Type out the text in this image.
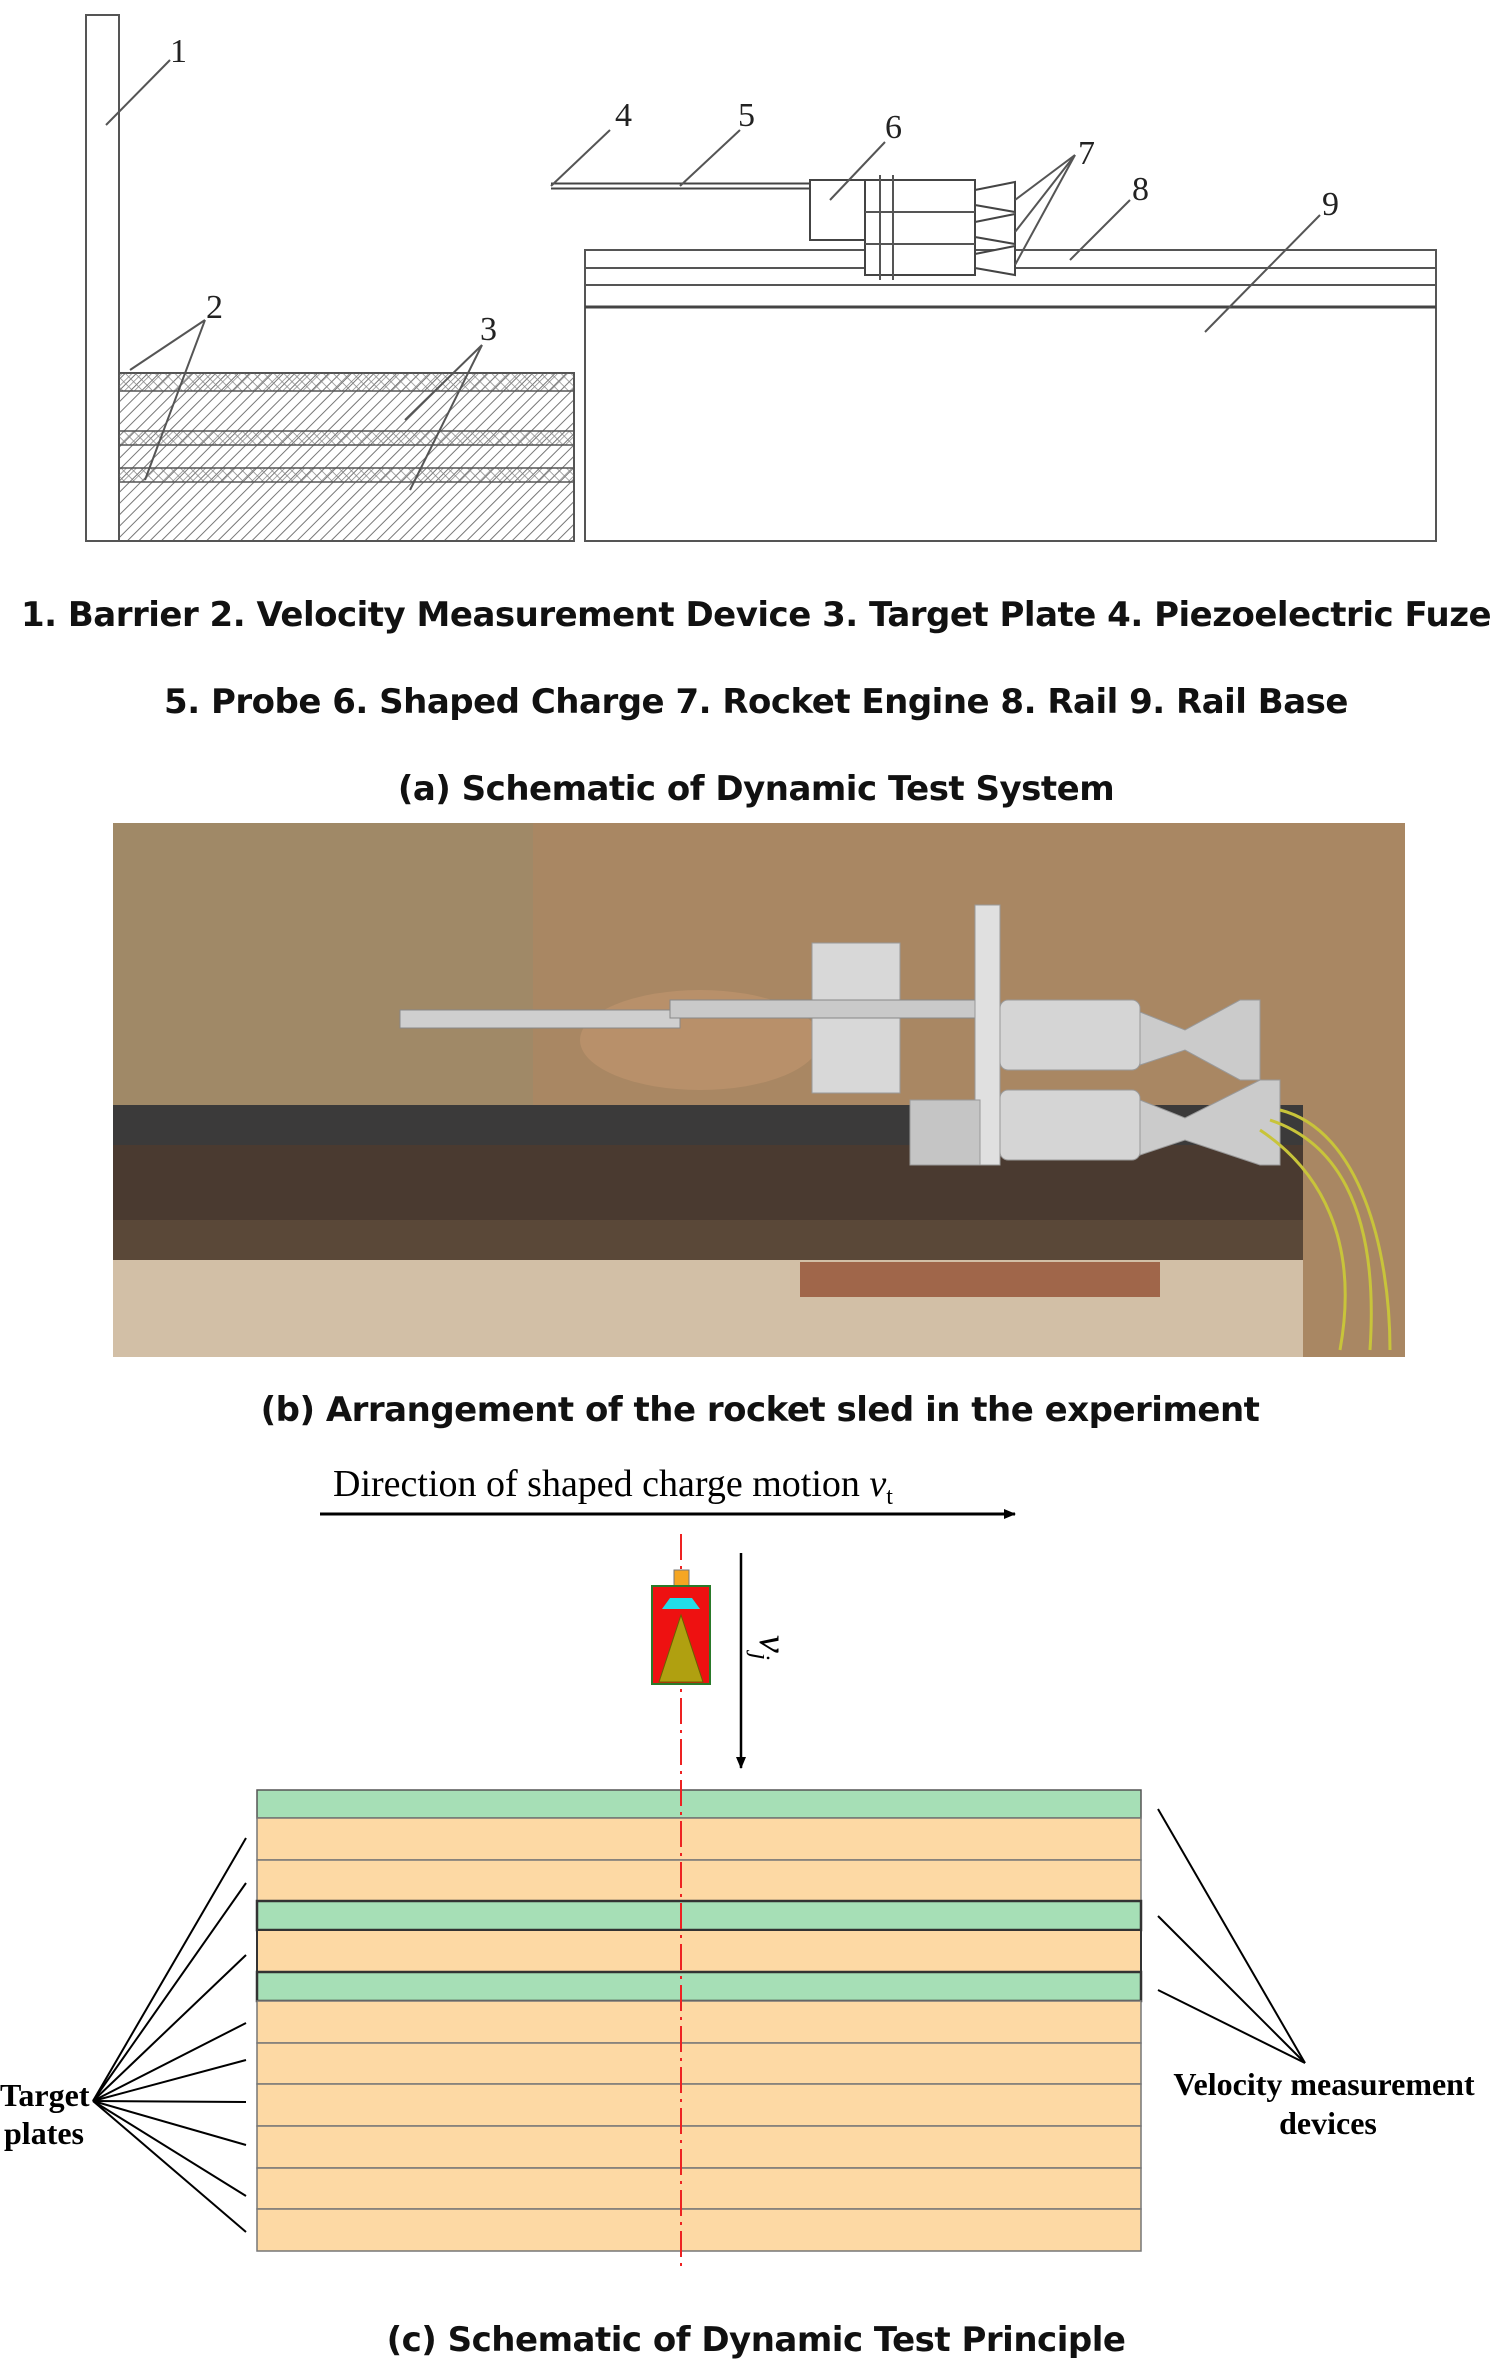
1
2
3
4	5	6
7
8	9
1. Barrier 2. Velocity Measurement Device 3. Target Plate 4. Piezoelectric Fuze
5. Probe 6. Shaped Charge 7. Rocket Engine 8. Rail 9. Rail Base
(a) Schematic of Dynamic Test System
(b) Arrangement of the rocket sled in the experiment
Direction of shaped charge motion $v_t$
$v_j$
Target plates
Velocity measurement devices
(c) Schematic of Dynamic Test Principle
